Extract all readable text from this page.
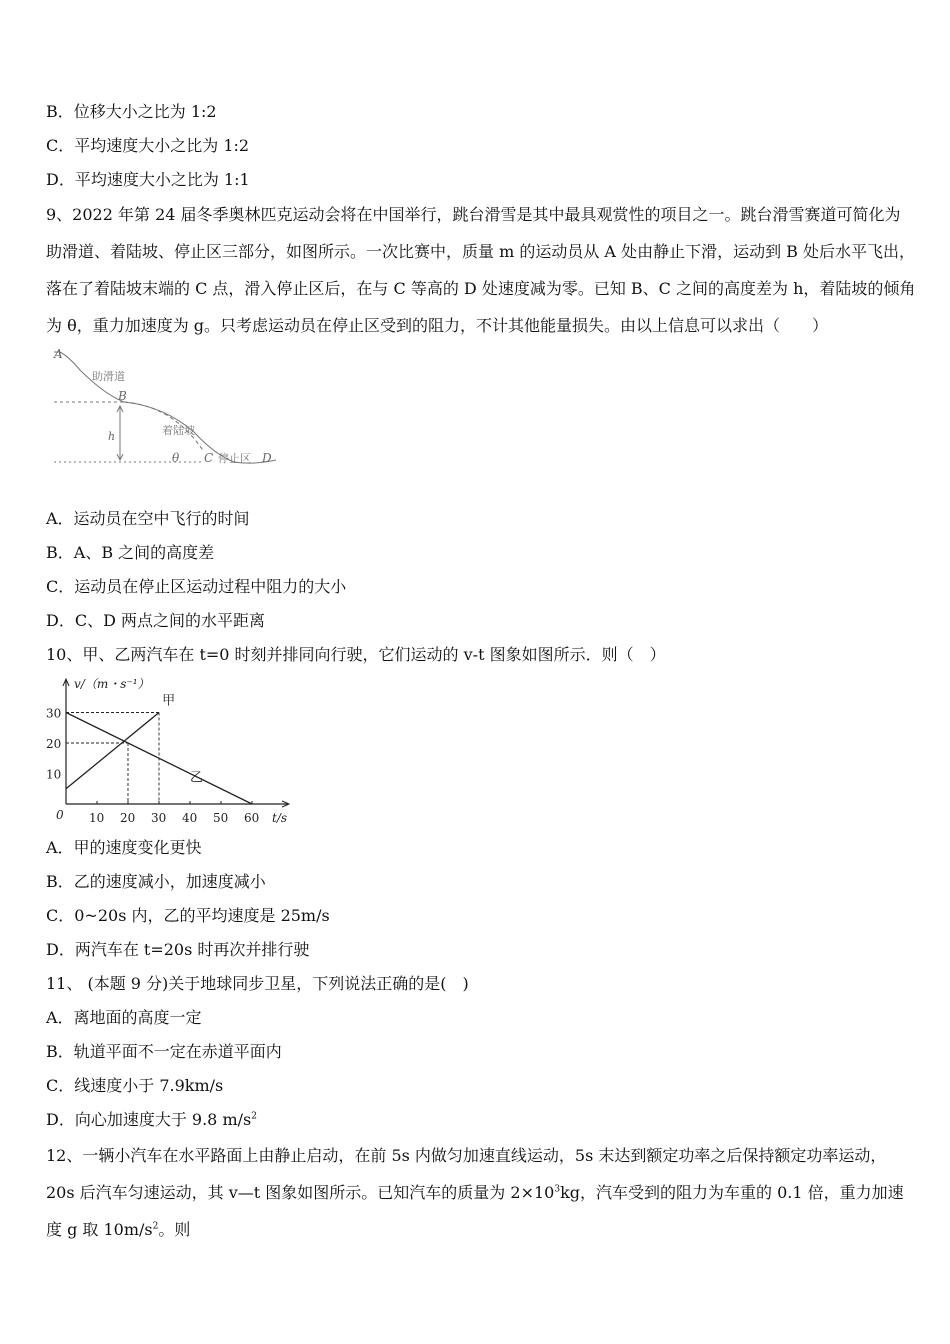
B．位移大小之比为 1:2
C．平均速度大小之比为 1:2
D．平均速度大小之比为 1:1
9、2022 年第 24 届冬季奥林匹克运动会将在中国举行，跳台滑雪是其中最具观赏性的项目之一。跳台滑雪赛道可简化为助滑道、着陆坡、停止区三部分，如图所示。一次比赛中，质量 m 的运动员从 A 处由静止下滑，运动到 B 处后水平飞出，落在了着陆坡末端的 C 点，滑入停止区后，在与 C 等高的 D 处速度减为零。已知 B、C 之间的高度差为 h，着陆坡的倾角为 θ，重力加速度为 g。只考虑运动员在停止区受到的阻力，不计其他能量损失。由以上信息可以求出（　　）
A
助滑道
B
h	着陆坡
θ C 停止区 D
A．运动员在空中飞行的时间
B．A、B 之间的高度差
C．运动员在停止区运动过程中阻力的大小
D．C、D 两点之间的水平距离
10、甲、乙两汽车在 t=0 时刻并排同向行驶，它们运动的 v-t 图象如图所示．则（　）
v/（m・s⁻¹）
t/s
0 10 20 30 40 50 60
10
20
30
甲
乙
A．甲的速度变化更快
B．乙的速度减小，加速度减小
C．0~20s 内，乙的平均速度是 25m/s
D．两汽车在 t=20s 时再次并排行驶
11、 (本题 9 分)关于地球同步卫星，下列说法正确的是(　)
A．离地面的高度一定
B．轨道平面不一定在赤道平面内
C．线速度小于 7.9km/s
D．向心加速度大于 9.8 $m/s^2$
12、一辆小汽车在水平路面上由静止启动，在前 5s 内做匀加速直线运动，5s 末达到额定功率之后保持额定功率运动，
20s 后汽车匀速运动，其 v—t 图象如图所示。已知汽车的质量为 $2\times 10^3kg$，汽车受到的阻力为车重的 0.1 倍，重力加速
度 g 取 $10m/s^2$。则
